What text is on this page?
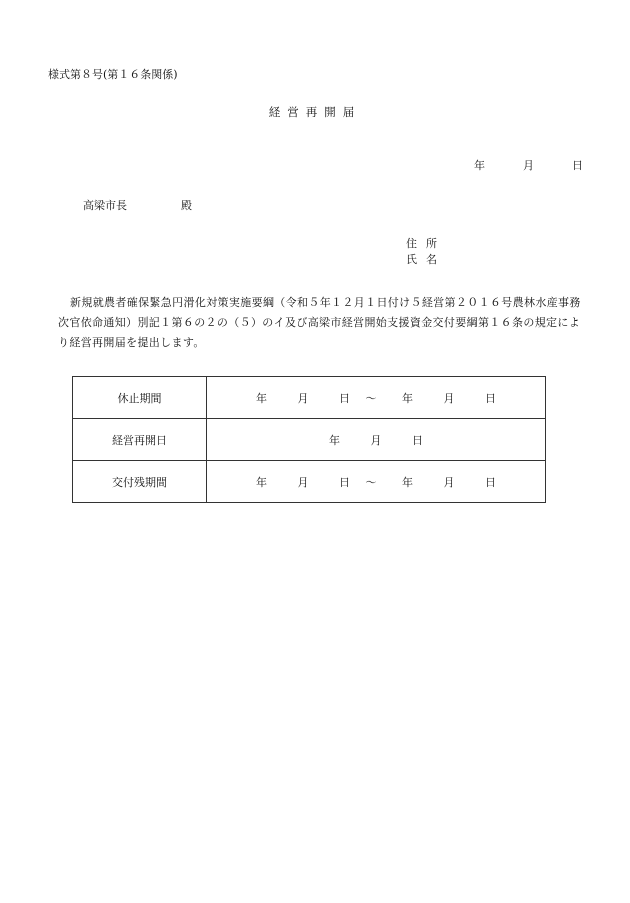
様式第８号(第１６条関係)
経営再開届
年	月	日
高梁市長	殿
住所
氏名
新規就農者確保緊急円滑化対策実施要綱（令和５年１２月１日付け５経営第２０１６号農林水産事務次官依命通知）別記１第６の２の（５）のイ及び高梁市経営開始支援資金交付要綱第１６条の規定により経営再開届を提出します。
休止期間	年 月 日 ～ 年 月 日
経営再開日	年 月 日
交付残期間	年 月 日 ～ 年 月 日
